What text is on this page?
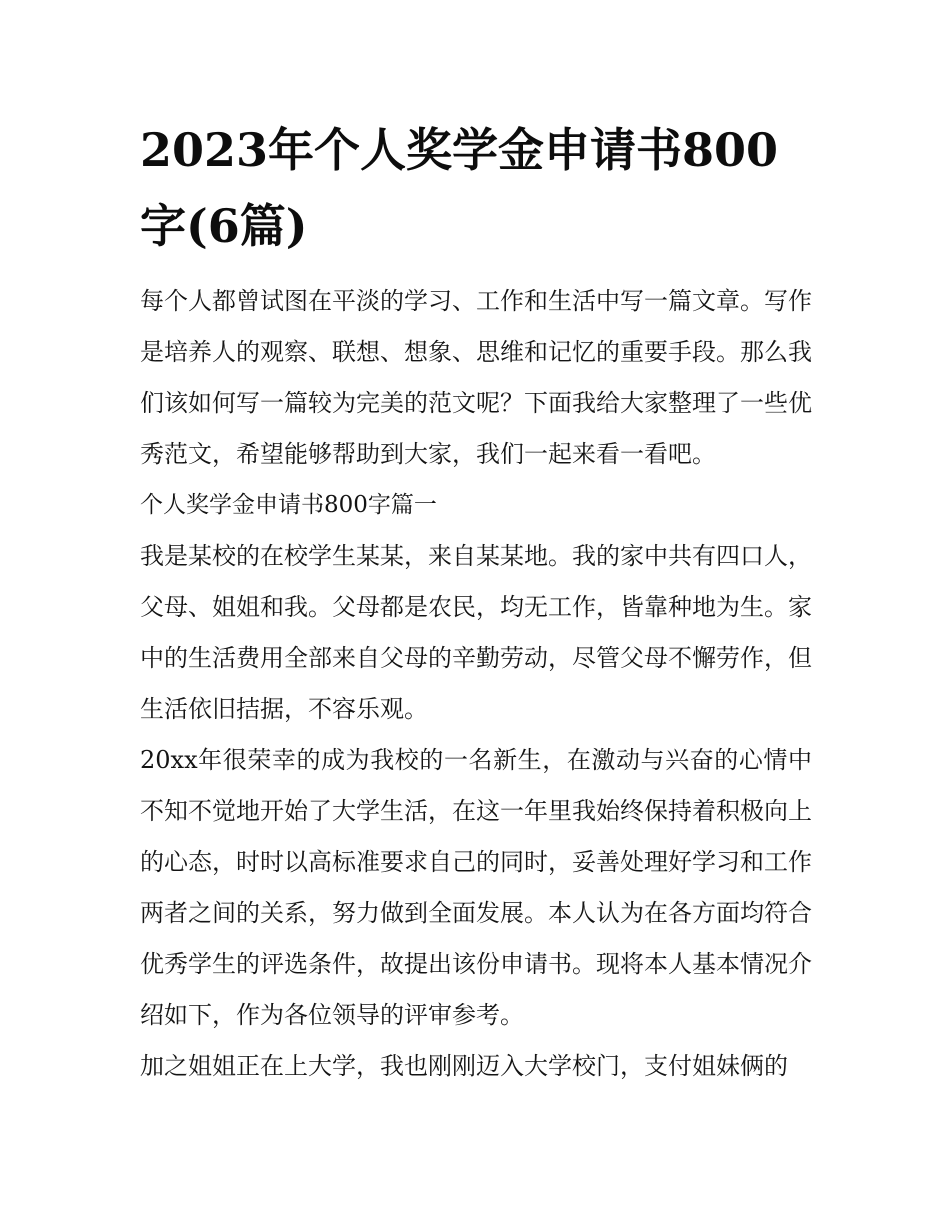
2023年个人奖学金申请书800字(6篇)

每个人都曾试图在平淡的学习、工作和生活中写一篇文章。写作是培养人的观察、联想、想象、思维和记忆的重要手段。那么我们该如何写一篇较为完美的范文呢？下面我给大家整理了一些优秀范文，希望能够帮助到大家，我们一起来看一看吧。

个人奖学金申请书800字篇一

我是某校的在校学生某某，来自某某地。我的家中共有四口人，父母、姐姐和我。父母都是农民，均无工作，皆靠种地为生。家中的生活费用全部来自父母的辛勤劳动，尽管父母不懈劳作，但生活依旧拮据，不容乐观。

20xx年很荣幸的成为我校的一名新生，在激动与兴奋的心情中不知不觉地开始了大学生活，在这一年里我始终保持着积极向上的心态，时时以高标准要求自己的同时，妥善处理好学习和工作两者之间的关系，努力做到全面发展。本人认为在各方面均符合优秀学生的评选条件，故提出该份申请书。现将本人基本情况介绍如下，作为各位领导的评审参考。

加之姐姐正在上大学，我也刚刚迈入大学校门，支付姐妹俩的
